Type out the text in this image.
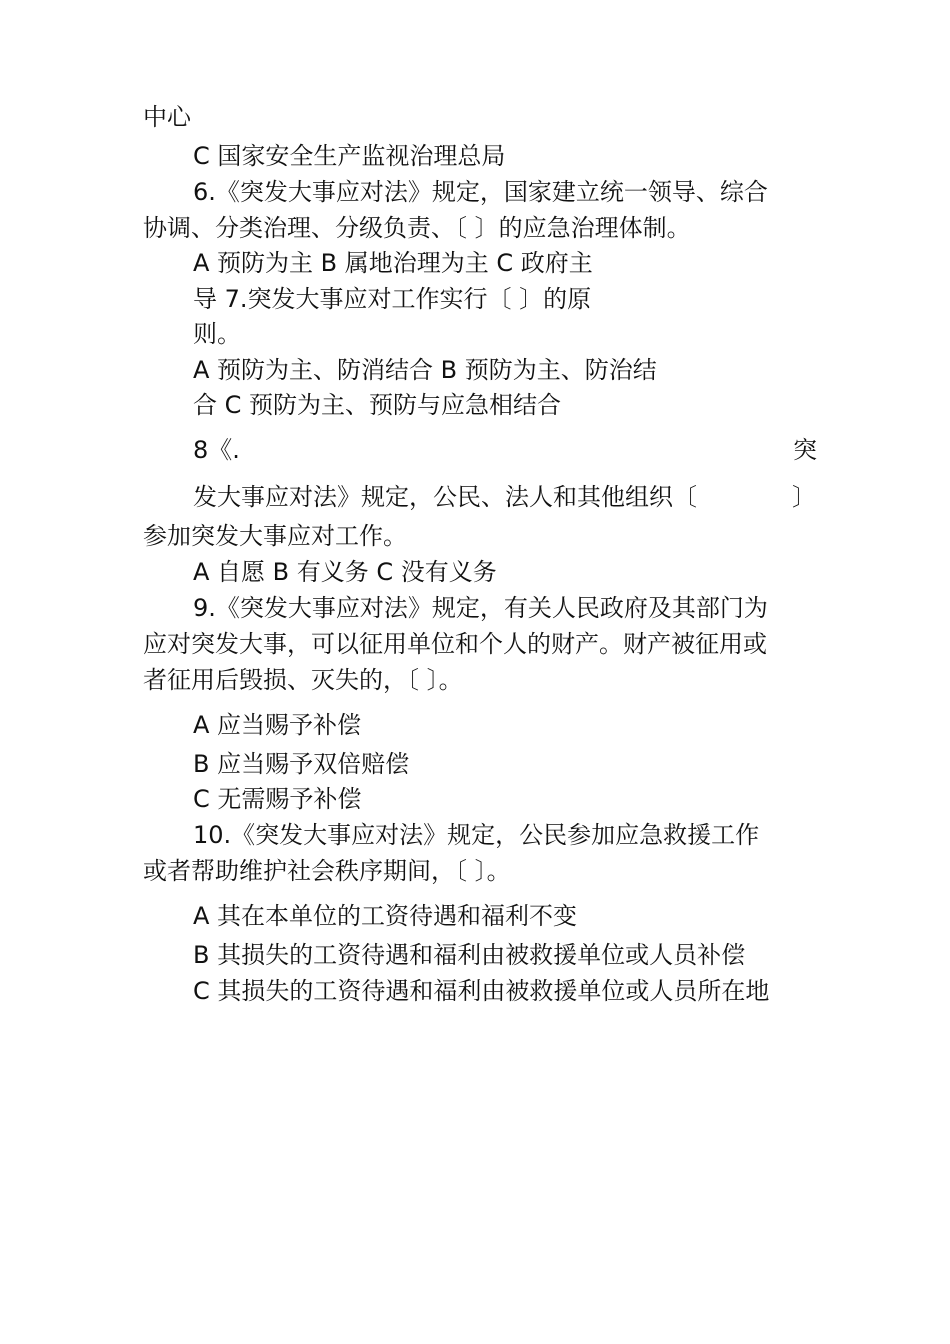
中心
C 国家安全生产监视治理总局
6.《突发大事应对法》规定，国家建立统一领导、综合
协调、分类治理、分级负责、〔 〕的应急治理体制。
A 预防为主 B 属地治理为主 C 政府主
导 7.突发大事应对工作实行〔 〕的原
则。
A 预防为主、防消结合 B 预防为主、防治结
合 C 预防为主、预防与应急相结合
8《.	突
发大事应对法》规定，公民、法人和其他组织〔	〕
参加突发大事应对工作。
A 自愿 B 有义务 C 没有义务
9.《突发大事应对法》规定，有关人民政府及其部门为
应对突发大事，可以征用单位和个人的财产。财产被征用或
者征用后毁损、灭失的，〔 〕。
A 应当赐予补偿
B 应当赐予双倍赔偿
C 无需赐予补偿
10.《突发大事应对法》规定，公民参加应急救援工作
或者帮助维护社会秩序期间，〔 〕。
A 其在本单位的工资待遇和福利不变
B 其损失的工资待遇和福利由被救援单位或人员补偿
C 其损失的工资待遇和福利由被救援单位或人员所在地
